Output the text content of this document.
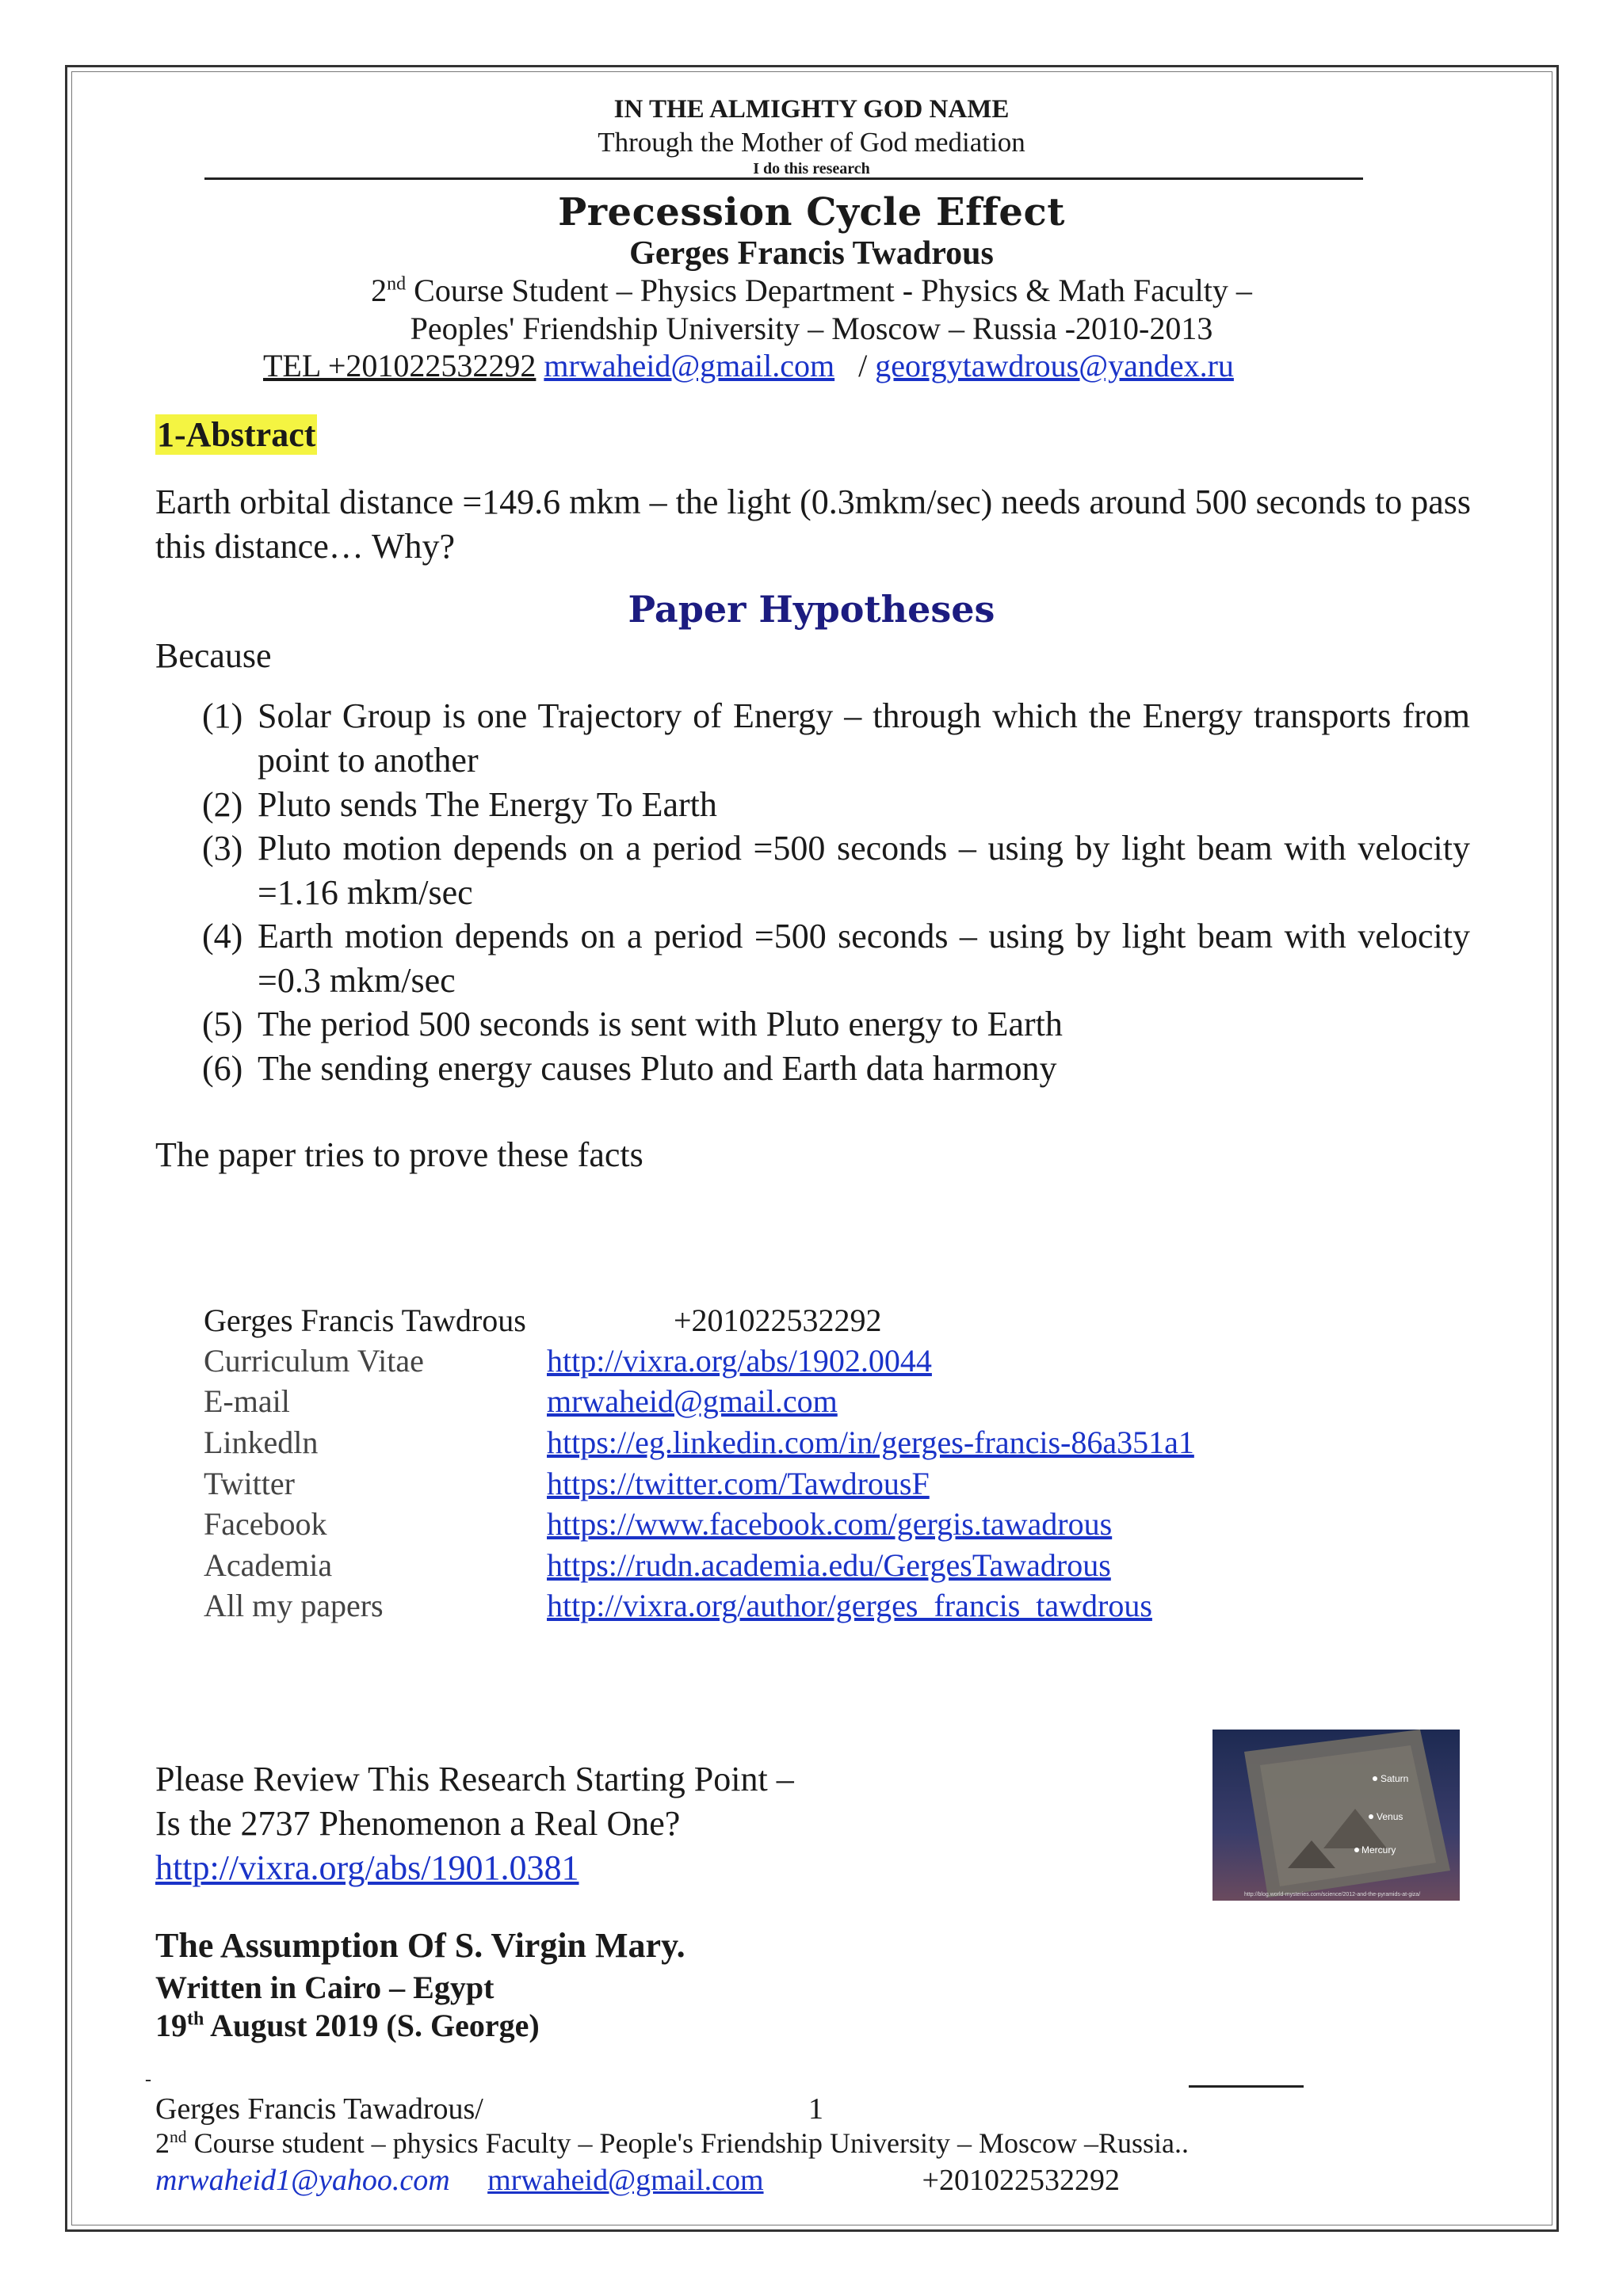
IN THE ALMIGHTY GOD NAME
Through the Mother of God mediation
I do this research
Precession Cycle Effect
Gerges Francis Twadrous
2nd Course Student – Physics Department - Physics & Math Faculty –
Peoples' Friendship University – Moscow – Russia -2010-2013
TEL +201022532292 mrwaheid@gmail.com / georgytawdrous@yandex.ru
1-Abstract
Earth orbital distance =149.6 mkm – the light (0.3mkm/sec) needs around 500 seconds to pass this distance… Why?
Paper Hypotheses
Because
(1) Solar Group is one Trajectory of Energy – through which the Energy transports from point to another
(2) Pluto sends The Energy To Earth
(3) Pluto motion depends on a period =500 seconds – using by light beam with velocity =1.16 mkm/sec
(4) Earth motion depends on a period =500 seconds – using by light beam with velocity =0.3 mkm/sec
(5) The period 500 seconds is sent with Pluto energy to Earth
(6) The sending energy causes Pluto and Earth data harmony
The paper tries to prove these facts
Gerges Francis Tawdrous	+201022532292
Curriculum Vitae	http://vixra.org/abs/1902.0044
E-mail	mrwaheid@gmail.com
Linkedln	https://eg.linkedin.com/in/gerges-francis-86a351a1
Twitter	https://twitter.com/TawdrousF
Facebook	https://www.facebook.com/gergis.tawadrous
Academia	https://rudn.academia.edu/GergesTawadrous
All my papers	http://vixra.org/author/gerges_francis_tawdrous
Please Review This Research Starting Point –
Is the 2737 Phenomenon a Real One?
http://vixra.org/abs/1901.0381
The Assumption Of S. Virgin Mary.
Written in Cairo – Egypt
19th August 2019 (S. George)
Saturn
Venus
Mercury
http://blog.world-mysteries.com/science/2012-and-the-pyramids-at-giza/
-
Gerges Francis Tawadrous/	1
2nd Course student – physics Faculty – People's Friendship University – Moscow –Russia..
mrwaheid1@yahoo.com mrwaheid@gmail.com	+201022532292
